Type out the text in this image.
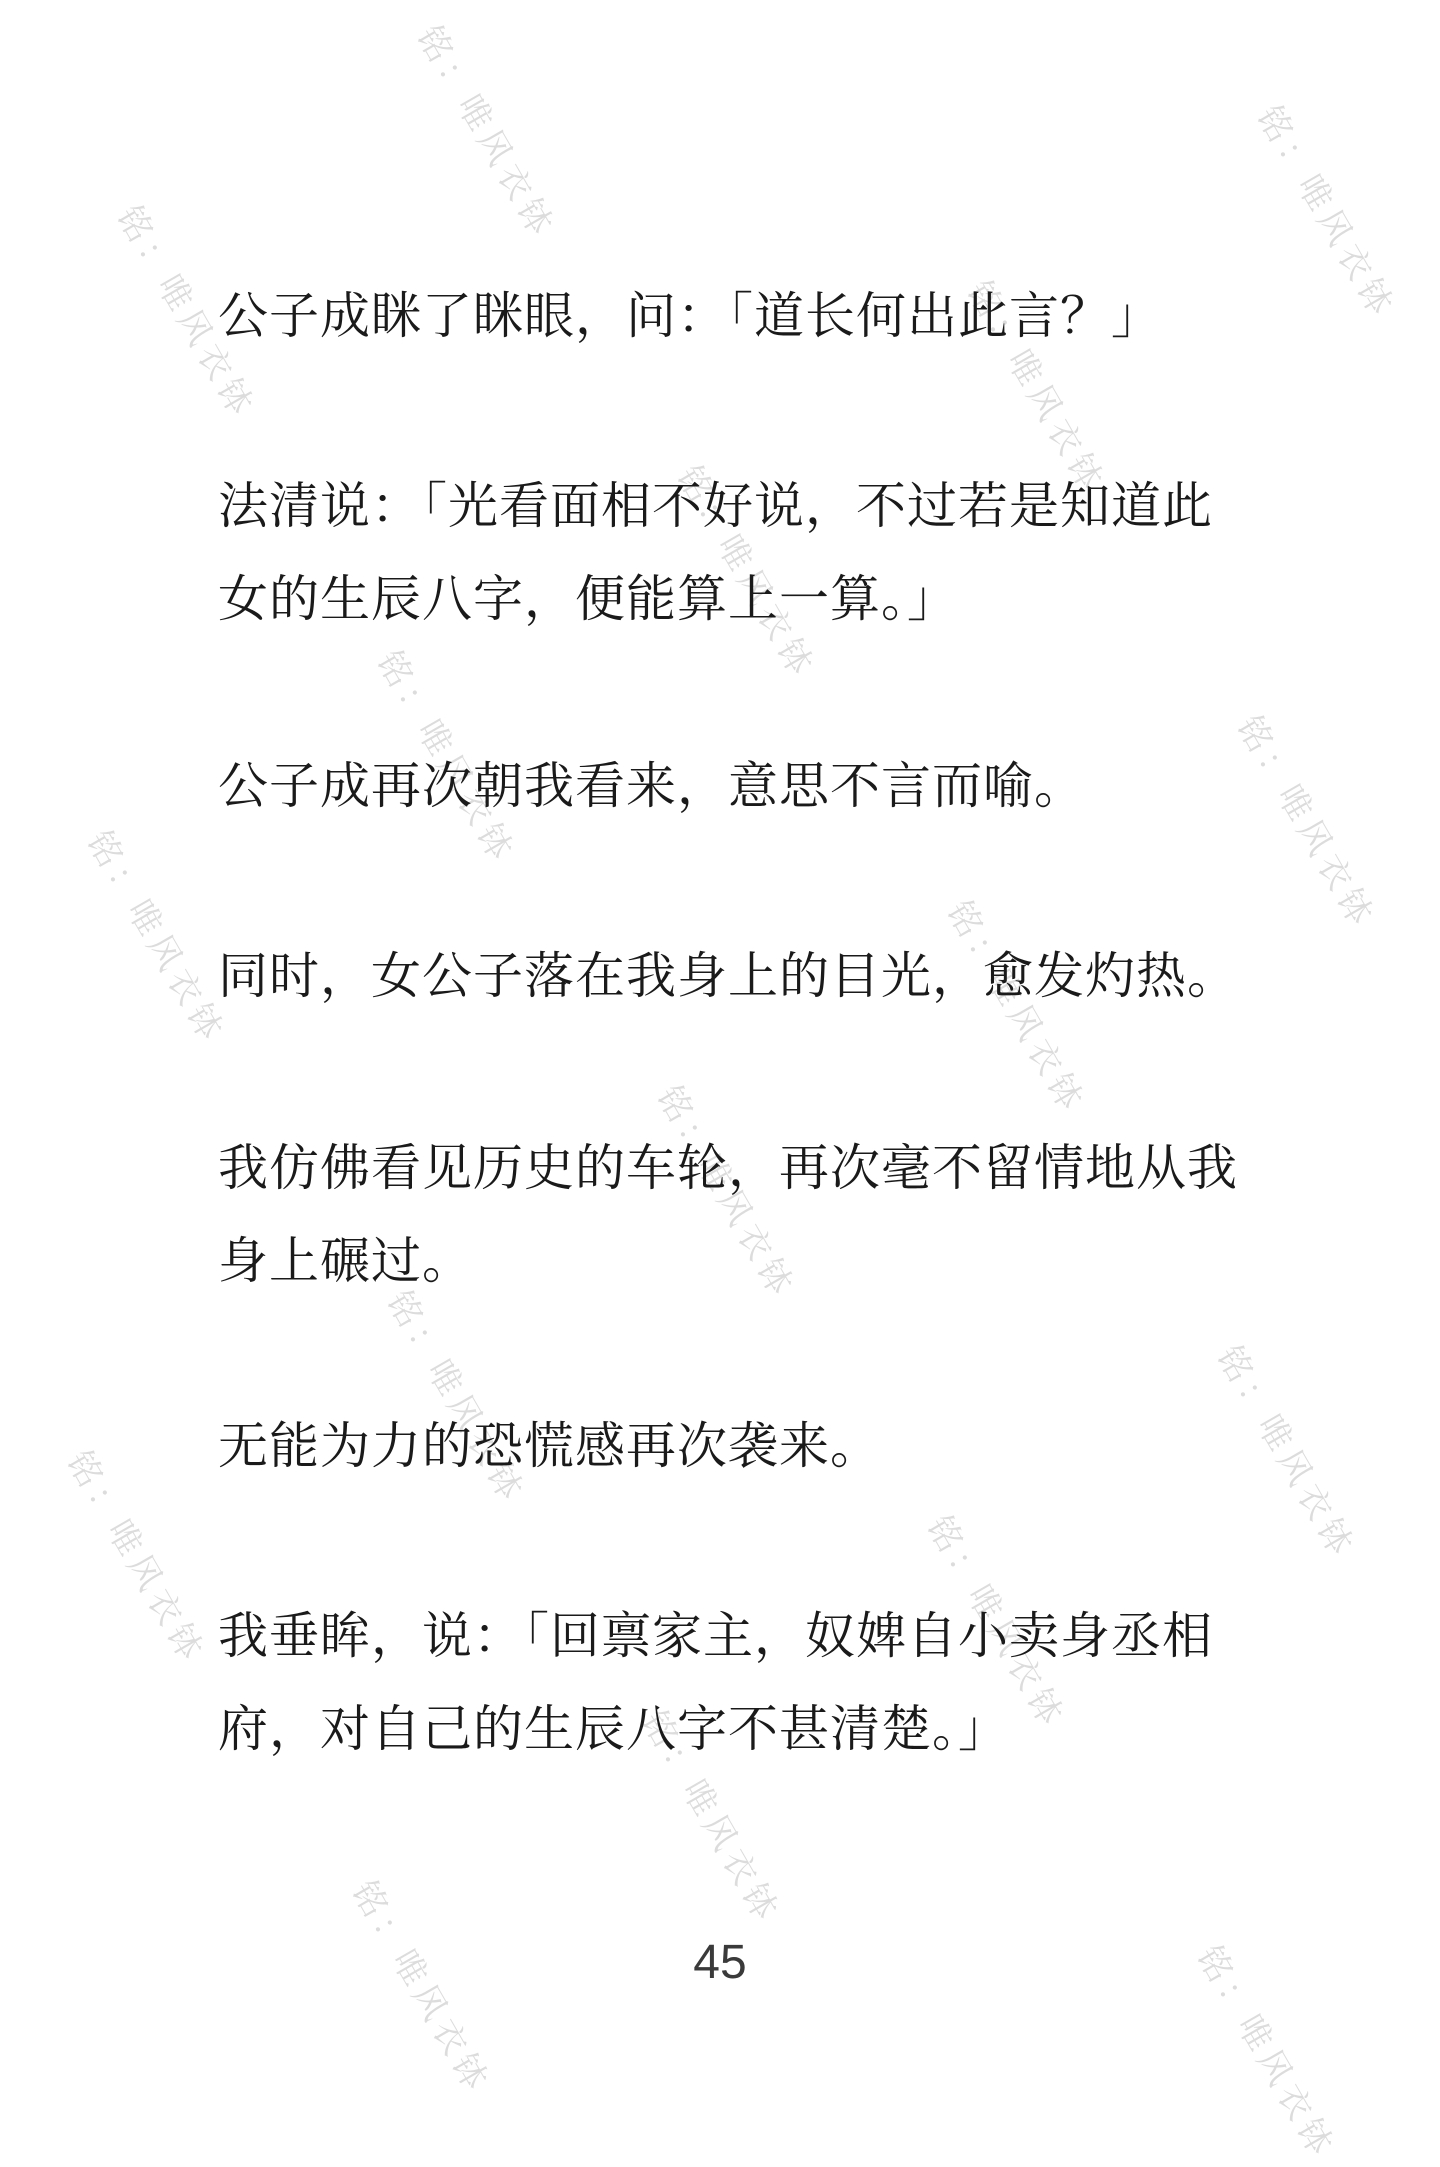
铭：唯风衣钵	铭：唯风衣钵
铭：唯风衣钵	铭：唯风衣钵
铭：唯风衣钵
铭：唯风衣钵	铭：唯风衣钵
铭：唯风衣钵	铭：唯风衣钵
铭：唯风衣钵
铭：唯风衣钵	铭：唯风衣钵
铭：唯风衣钵	铭：唯风衣钵
铭：唯风衣钵
铭：唯风衣钵	铭：唯风衣钵

公子成眯了眯眼，问：「道长何出此言？」

法清说：「光看面相不好说，不过若是知道此女的生辰八字，便能算上一算。」

公子成再次朝我看来，意思不言而喻。

同时，女公子落在我身上的目光，愈发灼热。

我仿佛看见历史的车轮，再次毫不留情地从我身上碾过。

无能为力的恐慌感再次袭来。

我垂眸，说：「回禀家主，奴婢自小卖身丞相府，对自己的生辰八字不甚清楚。」

45
